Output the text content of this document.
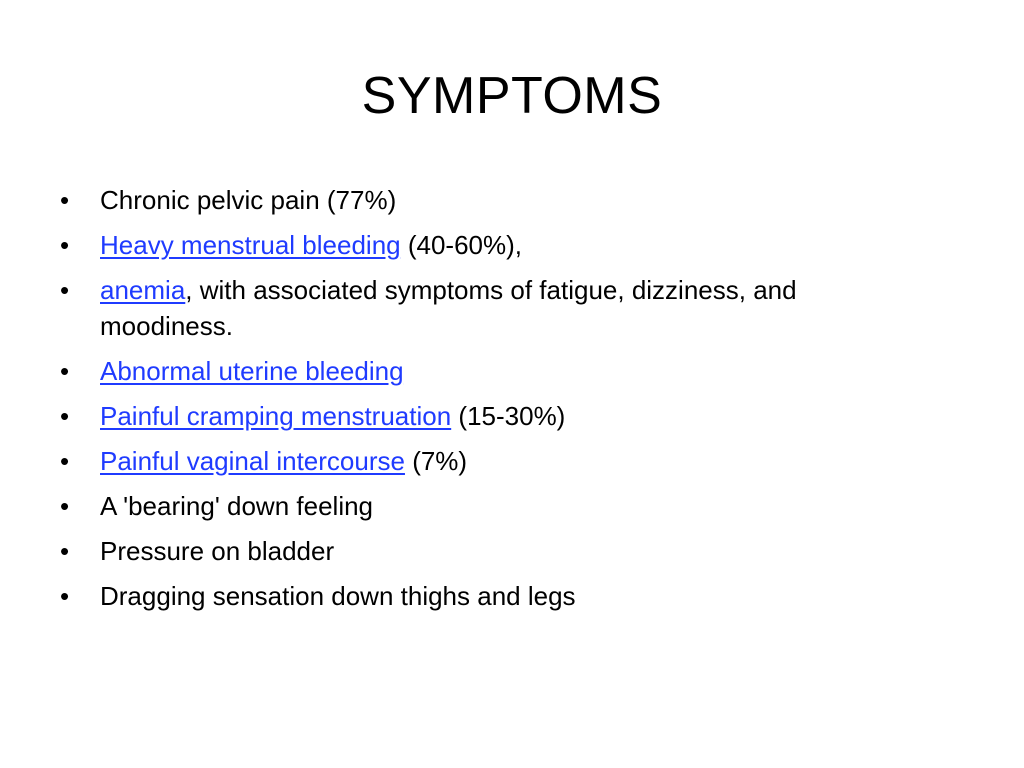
SYMPTOMS
•	Chronic pelvic pain (77%)
•	Heavy menstrual bleeding (40-60%),
•	anemia, with associated symptoms of fatigue, dizziness, and moodiness.
•	Abnormal uterine bleeding
•	Painful cramping menstruation (15-30%)
•	Painful vaginal intercourse (7%)
•	A 'bearing' down feeling
•	Pressure on bladder
•	Dragging sensation down thighs and legs
